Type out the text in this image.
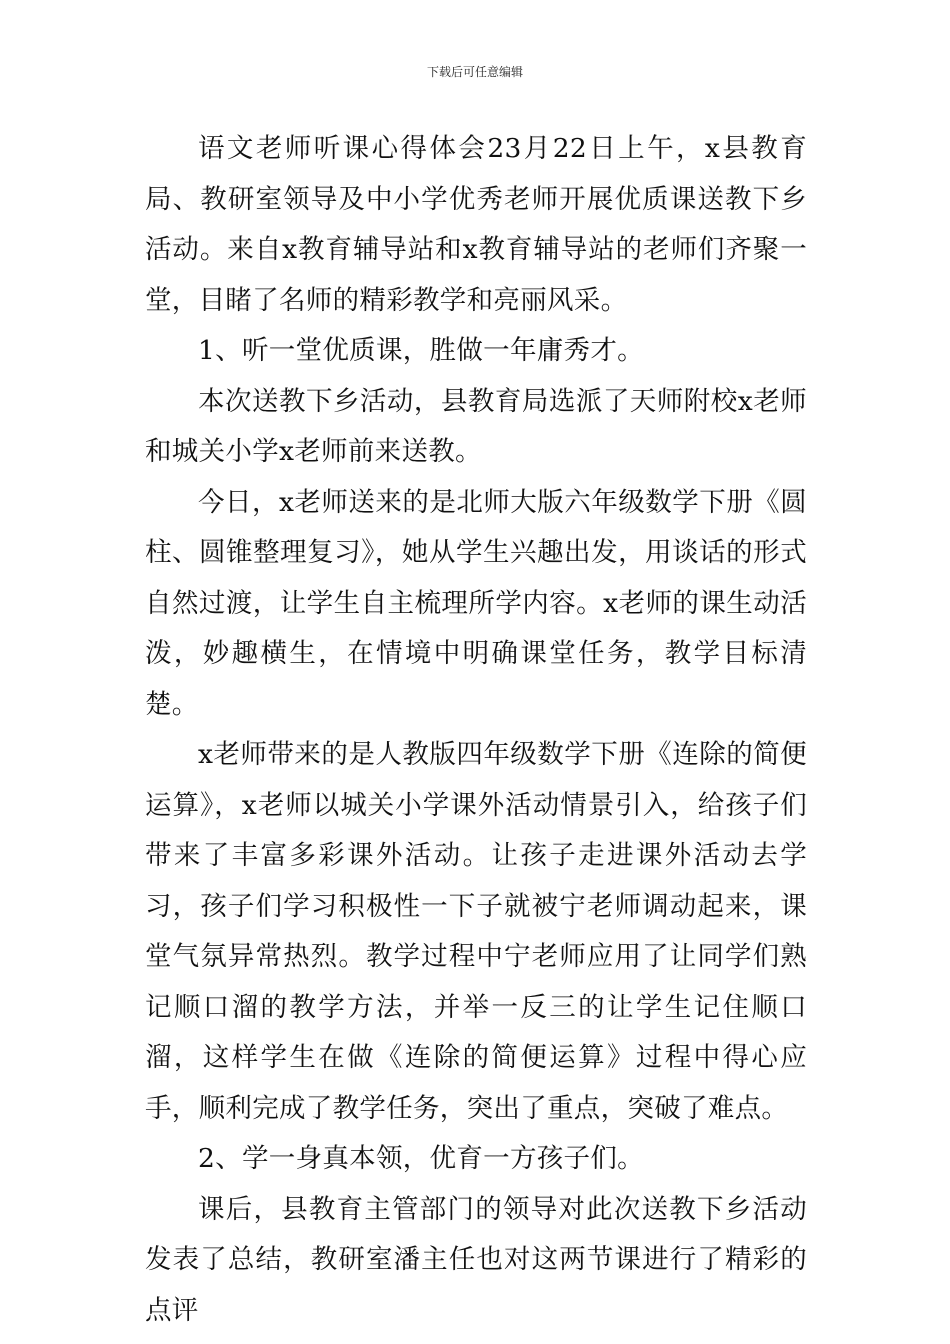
下载后可任意编辑

语文老师听课心得体会23月22日上午，x县教育局、教研室领导及中小学优秀老师开展优质课送教下乡活动。来自x教育辅导站和x教育辅导站的老师们齐聚一堂，目睹了名师的精彩教学和亮丽风采。

1、听一堂优质课，胜做一年庸秀才。

本次送教下乡活动，县教育局选派了天师附校x老师和城关小学x老师前来送教。

今日，x老师送来的是北师大版六年级数学下册《圆柱、圆锥整理复习》，她从学生兴趣出发，用谈话的形式自然过渡，让学生自主梳理所学内容。x老师的课生动活泼，妙趣横生，在情境中明确课堂任务，教学目标清楚。

x老师带来的是人教版四年级数学下册《连除的简便运算》，x老师以城关小学课外活动情景引入，给孩子们带来了丰富多彩课外活动。让孩子走进课外活动去学习，孩子们学习积极性一下子就被宁老师调动起来，课堂气氛异常热烈。教学过程中宁老师应用了让同学们熟记顺口溜的教学方法，并举一反三的让学生记住顺口溜，这样学生在做《连除的简便运算》过程中得心应手，顺利完成了教学任务，突出了重点，突破了难点。

2、学一身真本领，优育一方孩子们。

课后，县教育主管部门的领导对此次送教下乡活动发表了总结，教研室潘主任也对这两节课进行了精彩的点评
